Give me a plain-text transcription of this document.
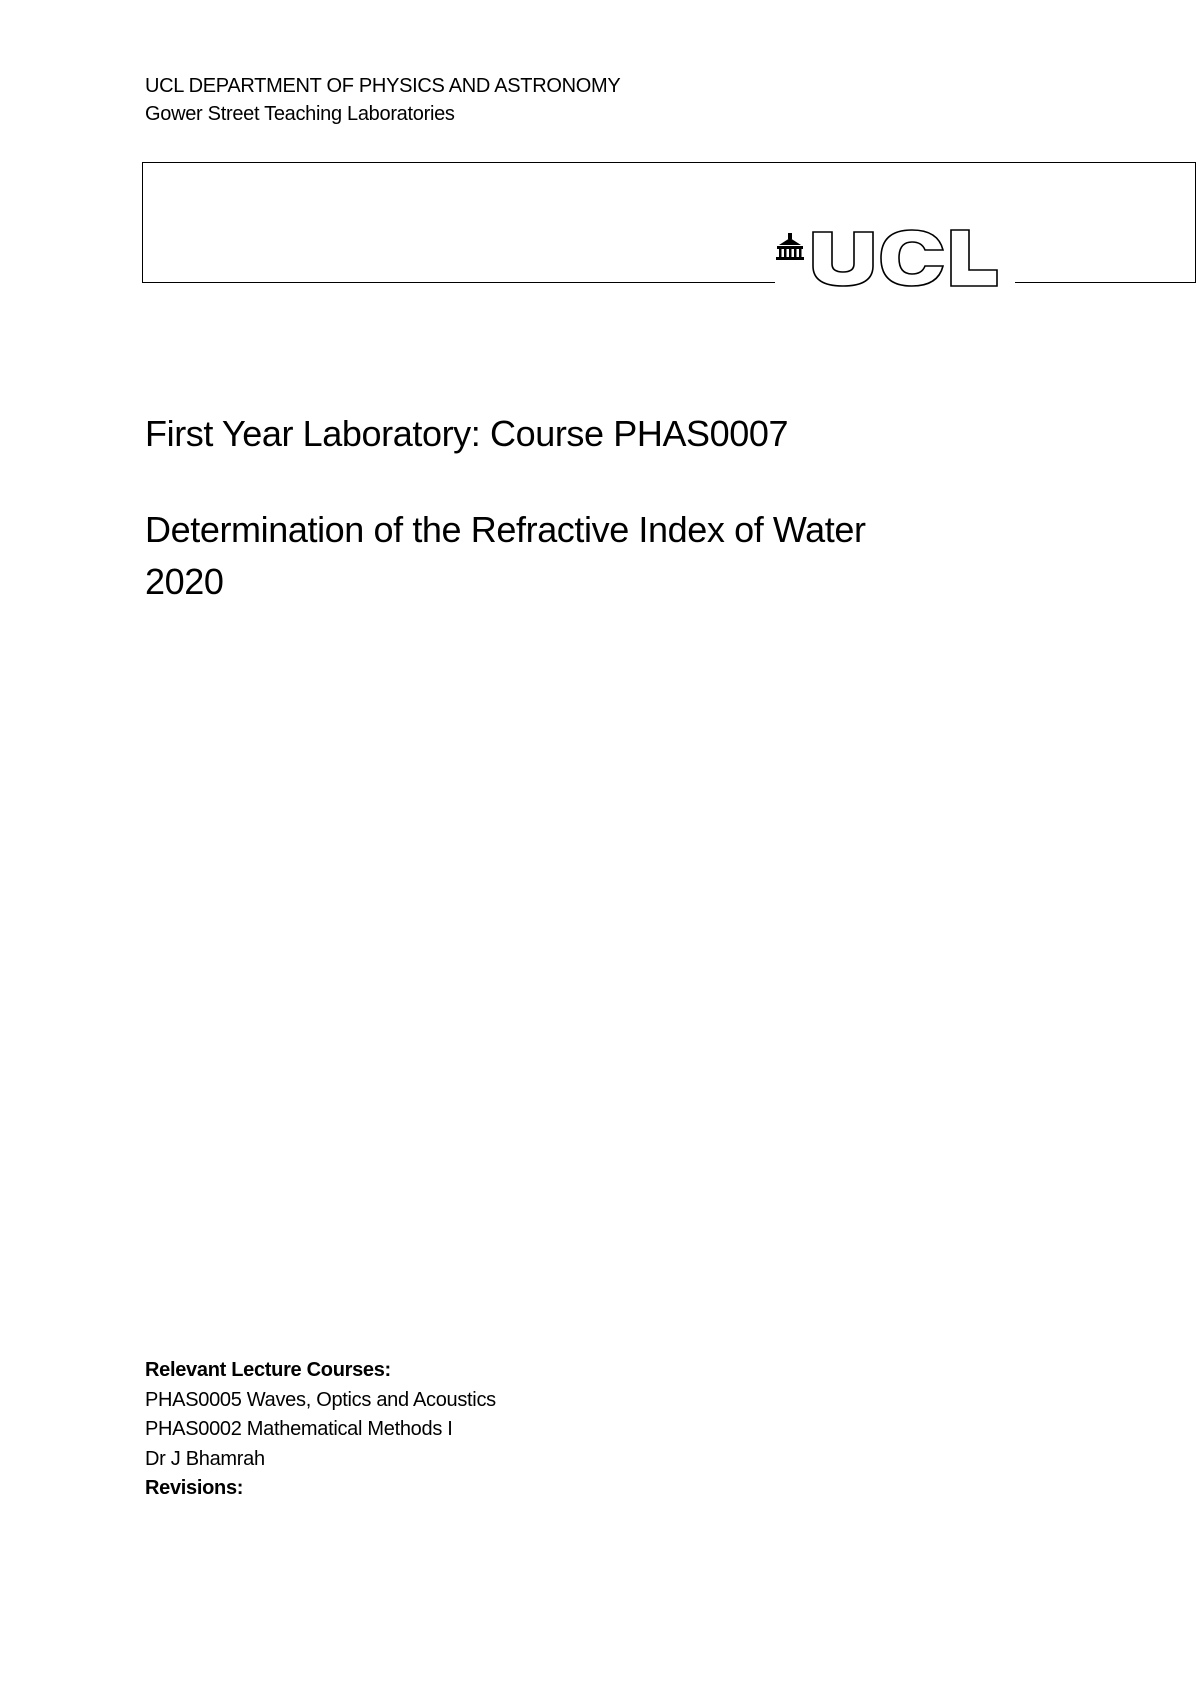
UCL DEPARTMENT OF PHYSICS AND ASTRONOMY
Gower Street Teaching Laboratories
First Year Laboratory: Course PHAS0007
Determination of the Refractive Index of Water
2020
Relevant Lecture Courses:
PHAS0005 Waves, Optics and Acoustics
PHAS0002 Mathematical Methods I
Dr J Bhamrah
Revisions:
